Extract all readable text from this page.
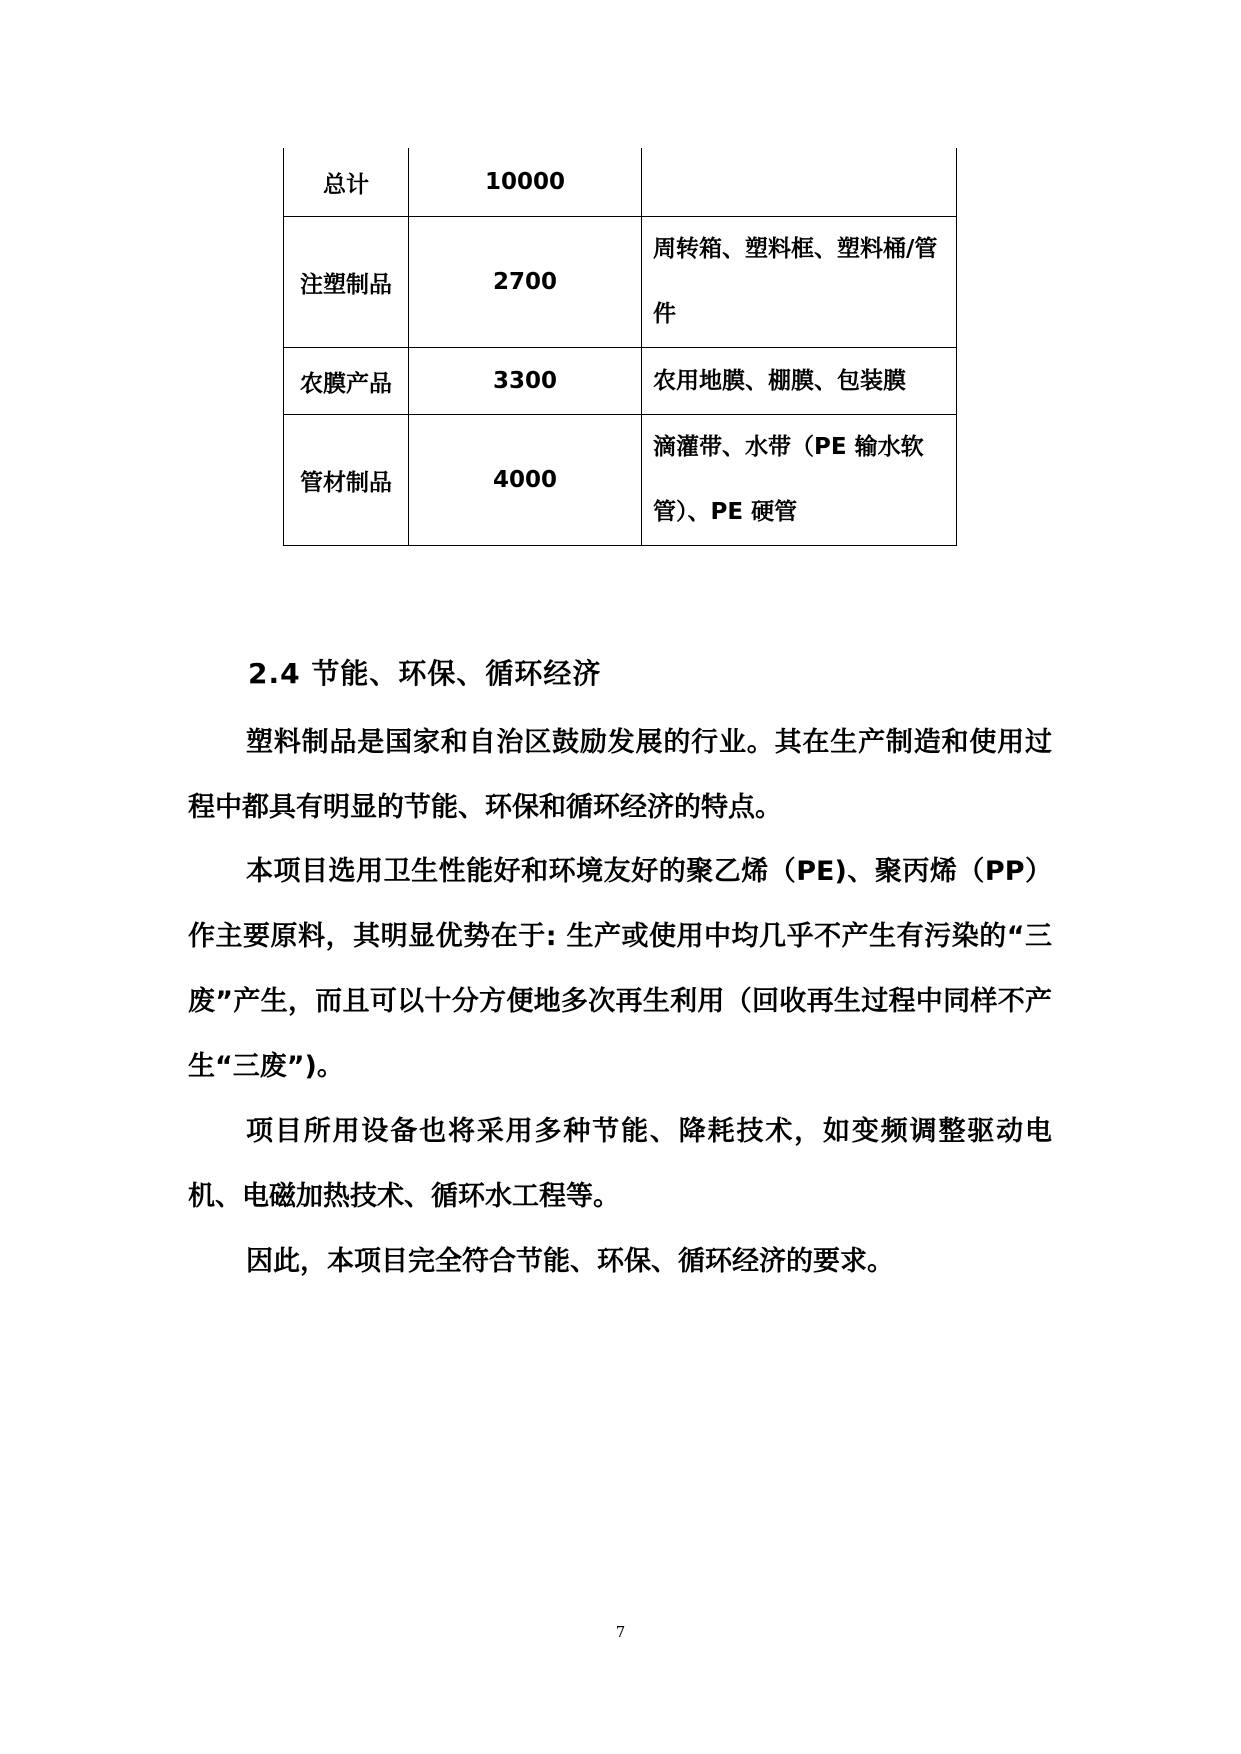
总计	10000	
注塑制品	2700	周转箱、塑料框、塑料桶/管件
农膜产品	3300	农用地膜、棚膜、包装膜
管材制品	4000	滴灌带、水带（PE 输水软管）、PE 硬管
2.4 节能、环保、循环经济

塑料制品是国家和自治区鼓励发展的行业。其在生产制造和使用过程中都具有明显的节能、环保和循环经济的特点。

本项目选用卫生性能好和环境友好的聚乙烯（PE)、聚丙烯（PP）作主要原料，其明显优势在于: 生产或使用中均几乎不产生有污染的“三废”产生，而且可以十分方便地多次再生利用（回收再生过程中同样不产生“三废”)。

项目所用设备也将采用多种节能、降耗技术，如变频调整驱动电机、电磁加热技术、循环水工程等。

因此，本项目完全符合节能、环保、循环经济的要求。

7
